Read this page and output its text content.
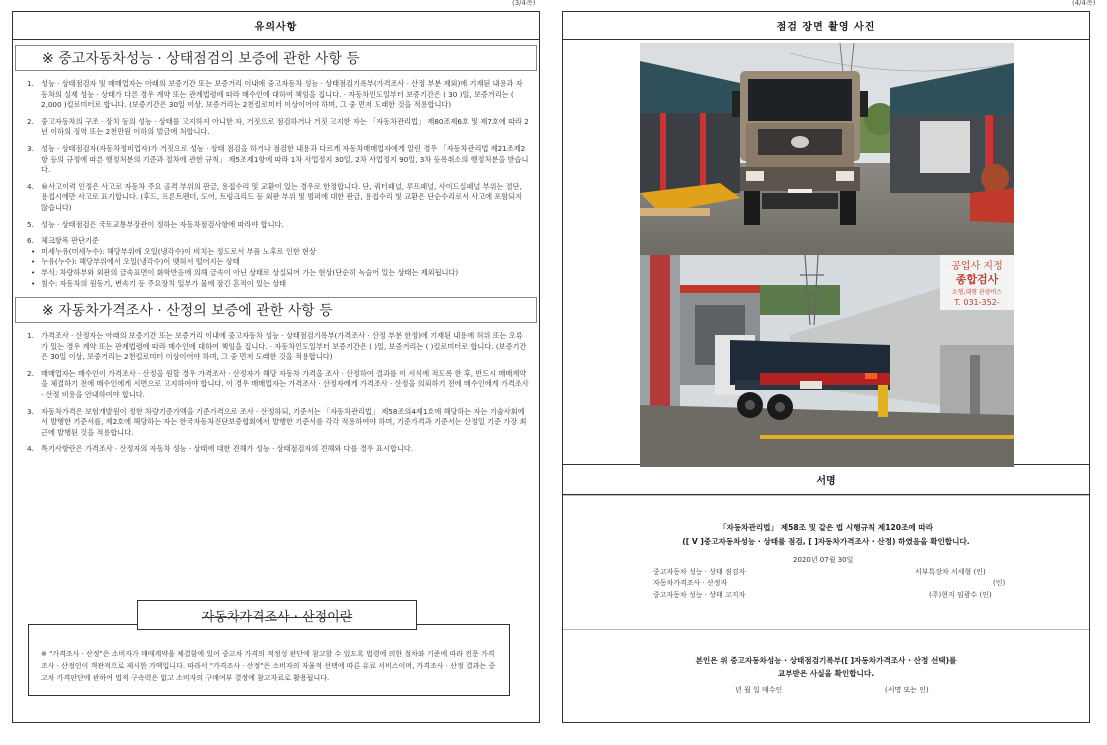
(3/4쪽)
유의사항
※ 중고자동차성능 · 상태점검의 보증에 관한 사항 등
1. 성능 · 상태점검자 및 매매업자는 아래의 보증기간 또는 보증거리 이내에 중고자동차 성능 · 상태점검기록부(가격조사 · 산정 부분 제외)에 기재된 내용과 자동차의 실제 성능 · 상태가 다른 경우 계약 또는 관계법령에 따라 매수인에 대하여 책임을 집니다. · 자동차인도일부터 보증기간은 ( 30 )일, 보증거리는 ( 2,000 )킬로미터로 합니다. (보증기간은 30일 이상, 보증거리는 2천킬로미터 이상이어야 하며, 그 중 먼저 도래한 것을 적용합니다)
2. 중고자동차의 구조 · 장치 등의 성능 · 상태를 고지하지 아니한 자, 거짓으로 점검하거나 거짓 고지한 자는 「자동차관리법」 제80조제6호 및 제7호에 따라 2년 이하의 징역 또는 2천만원 이하의 벌금에 처합니다.
3. 성능 · 상태점검자(자동차정비업자)가 거짓으로 성능 · 상태 점검을 하거나 점검한 내용과 다르게 자동차매매업자에게 알린 경우 「자동차관리법 제21조제2항 등의 규정에 따른 행정처분의 기준과 절차에 관한 규칙」 제5조제1항에 따라 1차 사업정지 30일, 2차 사업정지 90일, 3차 등록취소의 행정처분을 받습니다.
4. ®사고이력 인정은 사고로 자동차 주요 골격 부위의 판금, 용접수리 및 교환이 있는 경우로 한정합니다. 단, 쿼터패널, 루프패널, 사이드실패널 부위는 절단, 용접시에만 사고로 표기합니다. (후드, 프론트펜더, 도어, 트렁크리드 등 외판 부위 및 범퍼에 대한 판금, 용접수리 및 교환은 단순수리로서 사고에 포함되지 않습니다)
5. 성능 · 상태점검은 국토교통부장관이 정하는 자동차점검사항에 따라야 합니다.
6. 체크항목 판단기준
• 미세누유(미세누수): 해당부위에 오일(냉각수)이 비치는 정도로서 부품 노후로 인한 현상
• 누유(누수): 해당부위에서 오일(냉각수)이 맺혀서 떨어지는 상태
• 부식: 차량하부와 외판의 금속표면이 화학반응에 의해 금속이 아닌 상태로 상실되어 가는 현상(단순히 녹슬어 있는 상태는 제외됩니다)
• 침수: 자동차의 원동기, 변속기 등 주요장치 일부가 물에 잠긴 흔적이 있는 상태
※ 자동차가격조사 · 산정의 보증에 관한 사항 등
1. 가격조사 · 산정자는 아래의 보증기간 또는 보증거리 이내에 중고자동차 성능 · 상태점검기록부(가격조사 · 산정 부분 한정)에 기재된 내용에 허위 또는 오류가 있는 경우 계약 또는 관계법령에 따라 매수인에 대하여 책임을 집니다. · 자동차인도일부터 보증기간은 ( )일, 보증거리는 ( )킬로미터로 합니다. (보증기간은 30일 이상, 보증거리는 2천킬로미터 이상이어야 하며, 그 중 먼저 도래한 것을 적용합니다)
2. 매매업자는 매수인이 가격조사 · 산정을 원할 경우 가격조사 · 산정자가 해당 자동차 가격을 조사 · 산정하여 결과를 이 서식에 적도록 한 후, 반드시 매매계약을 체결하기 전에 매수인에게 서면으로 고지하여야 합니다. 이 경우 매매업자는 가격조사 · 산정자에게 가격조사 · 산정을 의뢰하기 전에 매수인에게 가격조사 · 산정 비용을 안내하여야 합니다.
3. 자동차가격은 보험개발원이 정한 차량기준가액을 기준가격으로 조사 · 산정하되, 기준서는 「자동차관리법」 제58조의4제1호에 해당하는 자는 기술사회에서 발행한 기준서를, 제2호에 해당하는 자는 한국자동차진단보증협회에서 발행한 기준서를 각각 적용하여야 하며, 기준가격과 기준서는 산정일 기준 가장 최근에 발행된 것을 적용합니다.
4. 특기사항란은 가격조사 · 산정자의 자동차 성능 · 상태에 대한 견해가 성능 · 상태점검자의 견해와 다를 경우 표시합니다.
자동차가격조사 · 산정이란
※ "가격조사 · 산정"은 소비자가 매매계약을 체결함에 있어 중고차 가격의 적정성 판단에 참고할 수 있도록 법령에 의한 절차와 기준에 따라 전문 가격조사 · 산정인이 객관적으로 제시한 가액입니다. 따라서 "가격조사 · 산정"은 소비자의 자율적 선택에 따른 유료 서비스이며, 가격조사 · 산정 결과는 중고차 가격판단에 관하여 법적 구속력은 없고 소비자의 구매여부 결정에 참고자료로 활용됩니다.
(4/4쪽)
점검 장면 촬영 사진
공업사 지정
종합검사
소형,대형 관광버스
T. 031-352-
서명
「자동차관리법」 제58조 및 같은 법 시행규칙 제120조에 따라
([ V ]중고자동차성능 · 상태를 점검, [ ]자동차가격조사 · 산정) 하였음을 확인합니다.
2020년 07월 30일
중고자동차 성능 · 상태 점검자	서부특장차 서세형 (인)
자동차가격조사 · 산정자	(인)
중고자동차 성능 · 상태 고지자	(주)현지 임광수 (인)
본인은 위 중고자동차성능 · 상태점검기록부([ ]자동차가격조사 · 산정 선택)를
교부받은 사실을 확인합니다.
년 월 일 매수인	(서명 또는 인)
